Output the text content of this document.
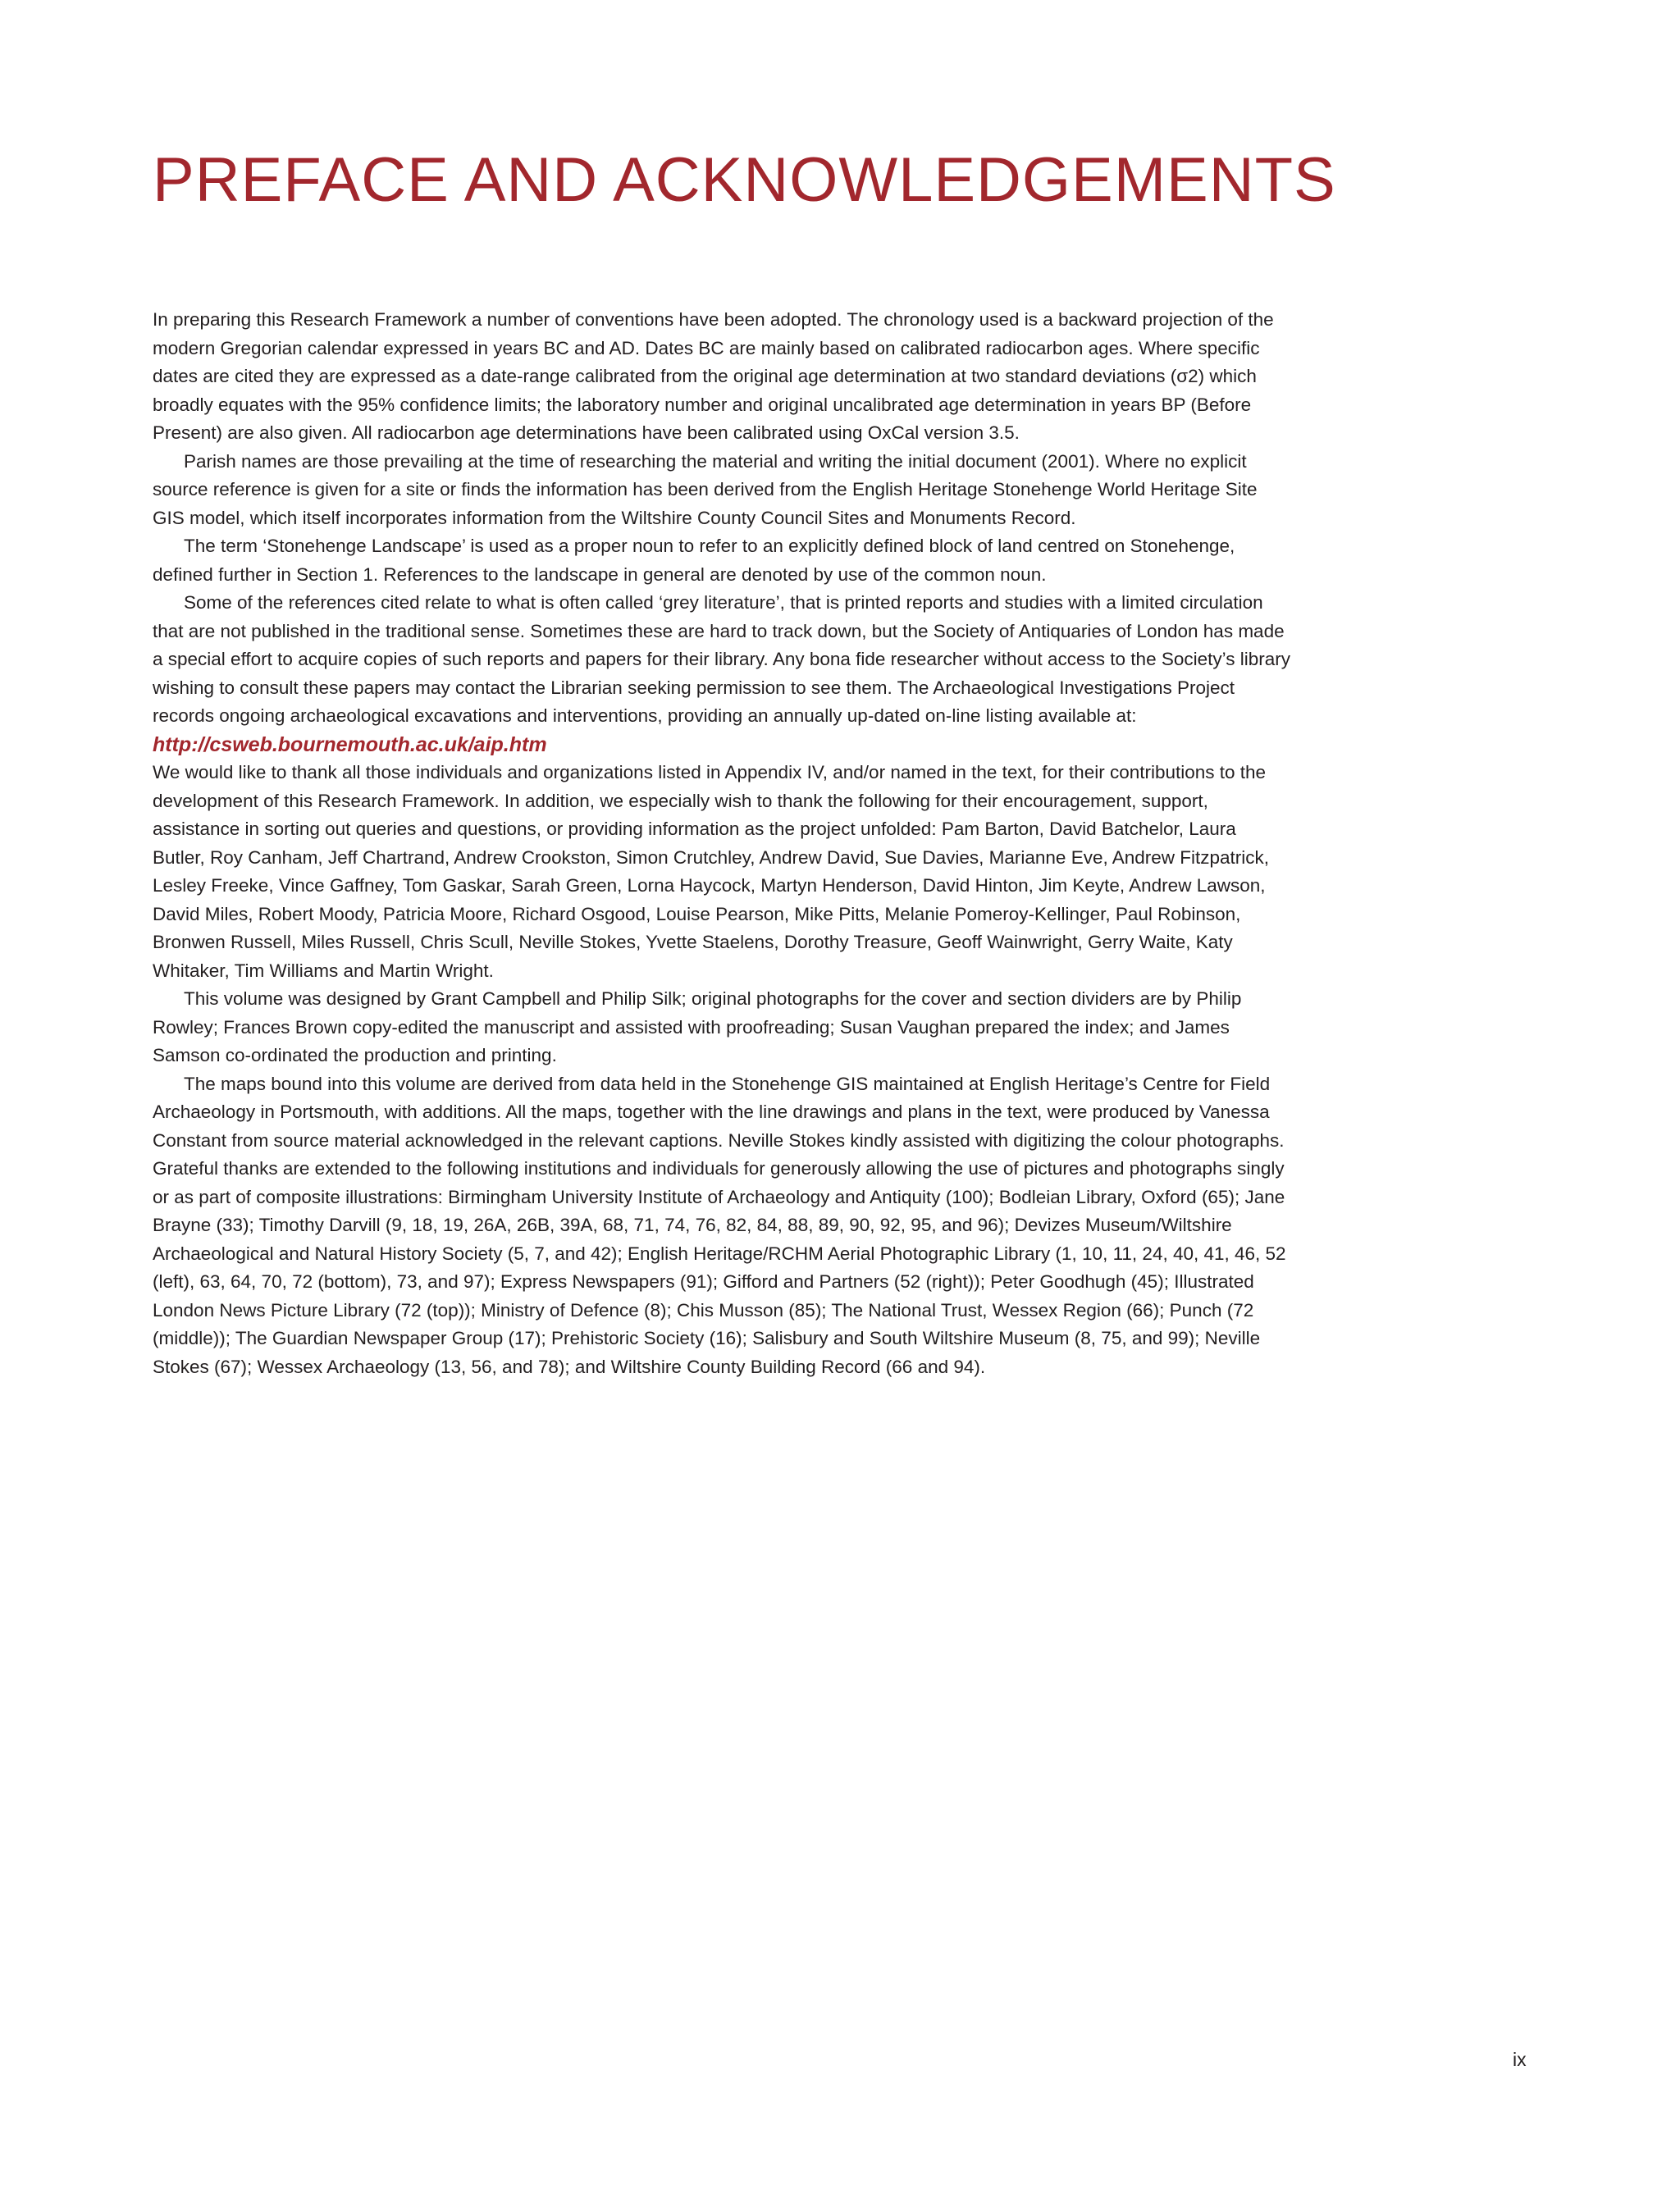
PREFACE AND ACKNOWLEDGEMENTS

In preparing this Research Framework a number of conventions have been adopted. The chronology used is a backward projection of the modern Gregorian calendar expressed in years BC and AD. Dates BC are mainly based on calibrated radiocarbon ages. Where specific dates are cited they are expressed as a date-range calibrated from the original age determination at two standard deviations (σ2) which broadly equates with the 95% confidence limits; the laboratory number and original uncalibrated age determination in years BP (Before Present) are also given. All radiocarbon age determinations have been calibrated using OxCal version 3.5.

Parish names are those prevailing at the time of researching the material and writing the initial document (2001). Where no explicit source reference is given for a site or finds the information has been derived from the English Heritage Stonehenge World Heritage Site GIS model, which itself incorporates information from the Wiltshire County Council Sites and Monuments Record.

The term ‘Stonehenge Landscape’ is used as a proper noun to refer to an explicitly defined block of land centred on Stonehenge, defined further in Section 1. References to the landscape in general are denoted by use of the common noun.

Some of the references cited relate to what is often called ‘grey literature’, that is printed reports and studies with a limited circulation that are not published in the traditional sense. Sometimes these are hard to track down, but the Society of Antiquaries of London has made a special effort to acquire copies of such reports and papers for their library. Any bona fide researcher without access to the Society’s library wishing to consult these papers may contact the Librarian seeking permission to see them. The Archaeological Investigations Project records ongoing archaeological excavations and interventions, providing an annually up-dated on-line listing available at:

http://csweb.bournemouth.ac.uk/aip.htm

We would like to thank all those individuals and organizations listed in Appendix IV, and/or named in the text, for their contributions to the development of this Research Framework. In addition, we especially wish to thank the following for their encouragement, support, assistance in sorting out queries and questions, or providing information as the project unfolded: Pam Barton, David Batchelor, Laura Butler, Roy Canham, Jeff Chartrand, Andrew Crookston, Simon Crutchley, Andrew David, Sue Davies, Marianne Eve, Andrew Fitzpatrick, Lesley Freeke, Vince Gaffney, Tom Gaskar, Sarah Green, Lorna Haycock, Martyn Henderson, David Hinton, Jim Keyte, Andrew Lawson, David Miles, Robert Moody, Patricia Moore, Richard Osgood, Louise Pearson, Mike Pitts, Melanie Pomeroy-Kellinger, Paul Robinson, Bronwen Russell, Miles Russell, Chris Scull, Neville Stokes, Yvette Staelens, Dorothy Treasure, Geoff Wainwright, Gerry Waite, Katy Whitaker, Tim Williams and Martin Wright.

This volume was designed by Grant Campbell and Philip Silk; original photographs for the cover and section dividers are by Philip Rowley; Frances Brown copy-edited the manuscript and assisted with proofreading; Susan Vaughan prepared the index; and James Samson co-ordinated the production and printing.

The maps bound into this volume are derived from data held in the Stonehenge GIS maintained at English Heritage’s Centre for Field Archaeology in Portsmouth, with additions. All the maps, together with the line drawings and plans in the text, were produced by Vanessa Constant from source material acknowledged in the relevant captions. Neville Stokes kindly assisted with digitizing the colour photographs. Grateful thanks are extended to the following institutions and individuals for generously allowing the use of pictures and photographs singly or as part of composite illustrations: Birmingham University Institute of Archaeology and Antiquity (100); Bodleian Library, Oxford (65); Jane Brayne (33); Timothy Darvill (9, 18, 19, 26A, 26B, 39A, 68, 71, 74, 76, 82, 84, 88, 89, 90, 92, 95, and 96); Devizes Museum/Wiltshire Archaeological and Natural History Society (5, 7, and 42); English Heritage/RCHM Aerial Photographic Library (1, 10, 11, 24, 40, 41, 46, 52 (left), 63, 64, 70, 72 (bottom), 73, and 97); Express Newspapers (91); Gifford and Partners (52 (right)); Peter Goodhugh (45); Illustrated London News Picture Library (72 (top)); Ministry of Defence (8); Chis Musson (85); The National Trust, Wessex Region (66); Punch (72 (middle)); The Guardian Newspaper Group (17); Prehistoric Society (16); Salisbury and South Wiltshire Museum (8, 75, and 99); Neville Stokes (67); Wessex Archaeology (13, 56, and 78); and Wiltshire County Building Record (66 and 94).

ix
